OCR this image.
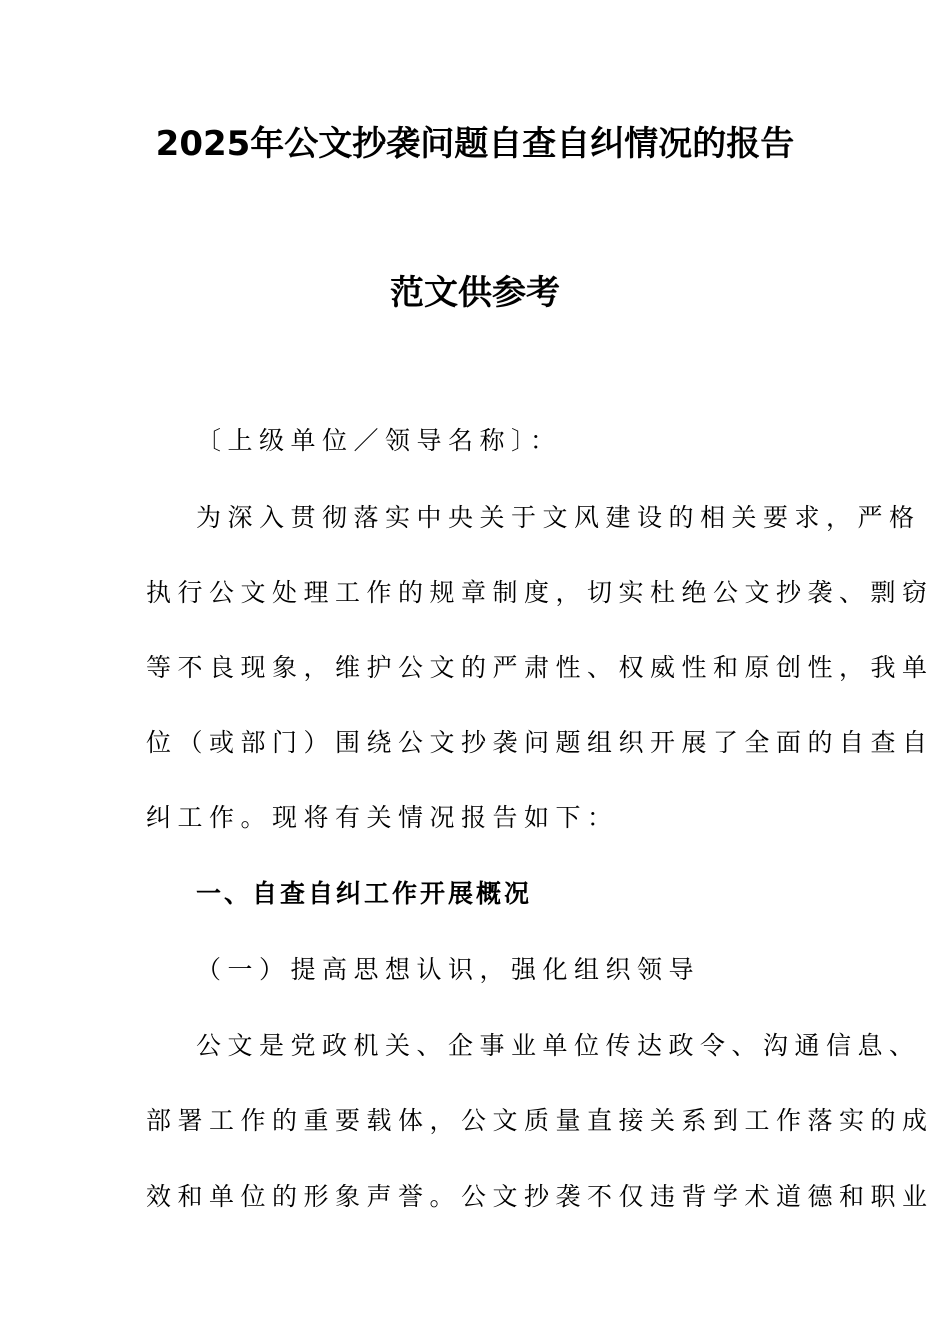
2025年公文抄袭问题自查自纠情况的报告
范文供参考
〔上级单位／领导名称〕：
为深入贯彻落实中央关于文风建设的相关要求，严格
执行公文处理工作的规章制度，切实杜绝公文抄袭、剽窃
等不良现象，维护公文的严肃性、权威性和原创性，我单
位（或部门）围绕公文抄袭问题组织开展了全面的自查自
纠工作。现将有关情况报告如下：
一、自查自纠工作开展概况
（一）提高思想认识，强化组织领导
公文是党政机关、企事业单位传达政令、沟通信息、
部署工作的重要载体，公文质量直接关系到工作落实的成
效和单位的形象声誉。公文抄袭不仅违背学术道德和职业
